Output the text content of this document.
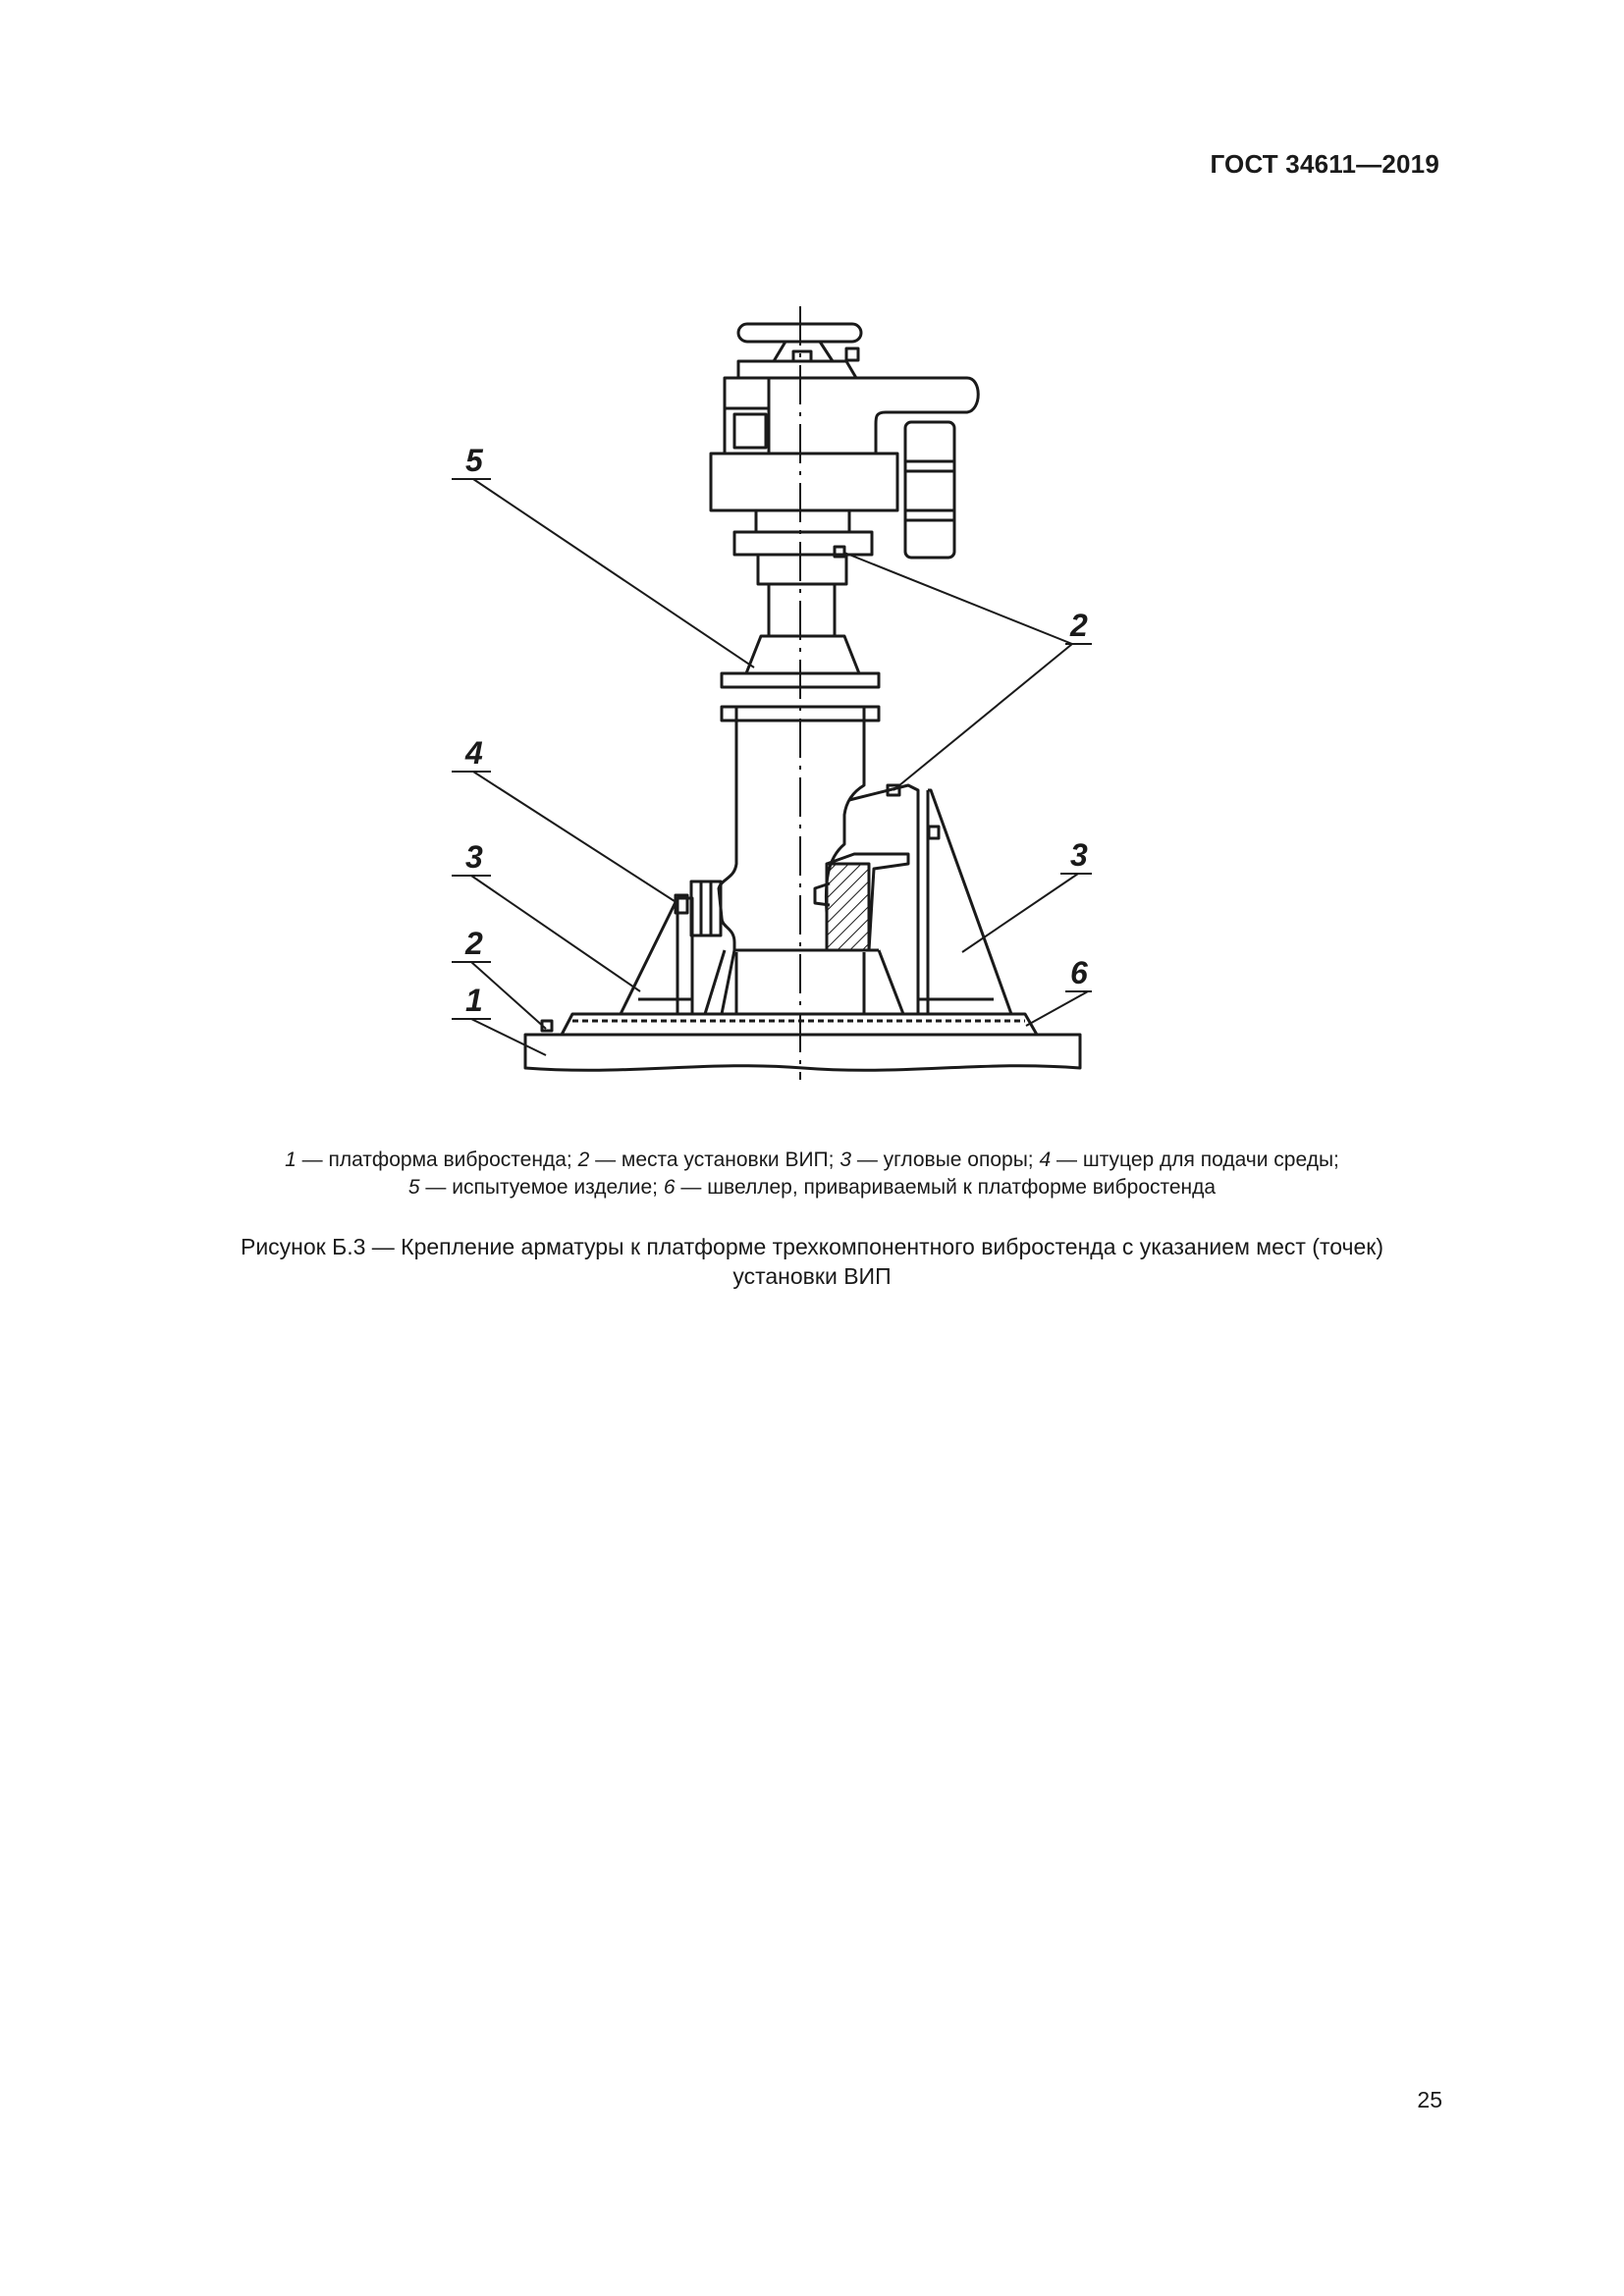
ГОСТ 34611—2019
5
2
4
3
2
1
3
6
1 — платформа вибростенда; 2 — места установки ВИП; 3 — угловые опоры; 4 — штуцер для подачи среды;
5 — испытуемое изделие; 6 — швеллер, привариваемый к платформе вибростенда
Рисунок Б.3 — Крепление арматуры к платформе трехкомпонентного вибростенда с указанием мест (точек)
установки ВИП
25
